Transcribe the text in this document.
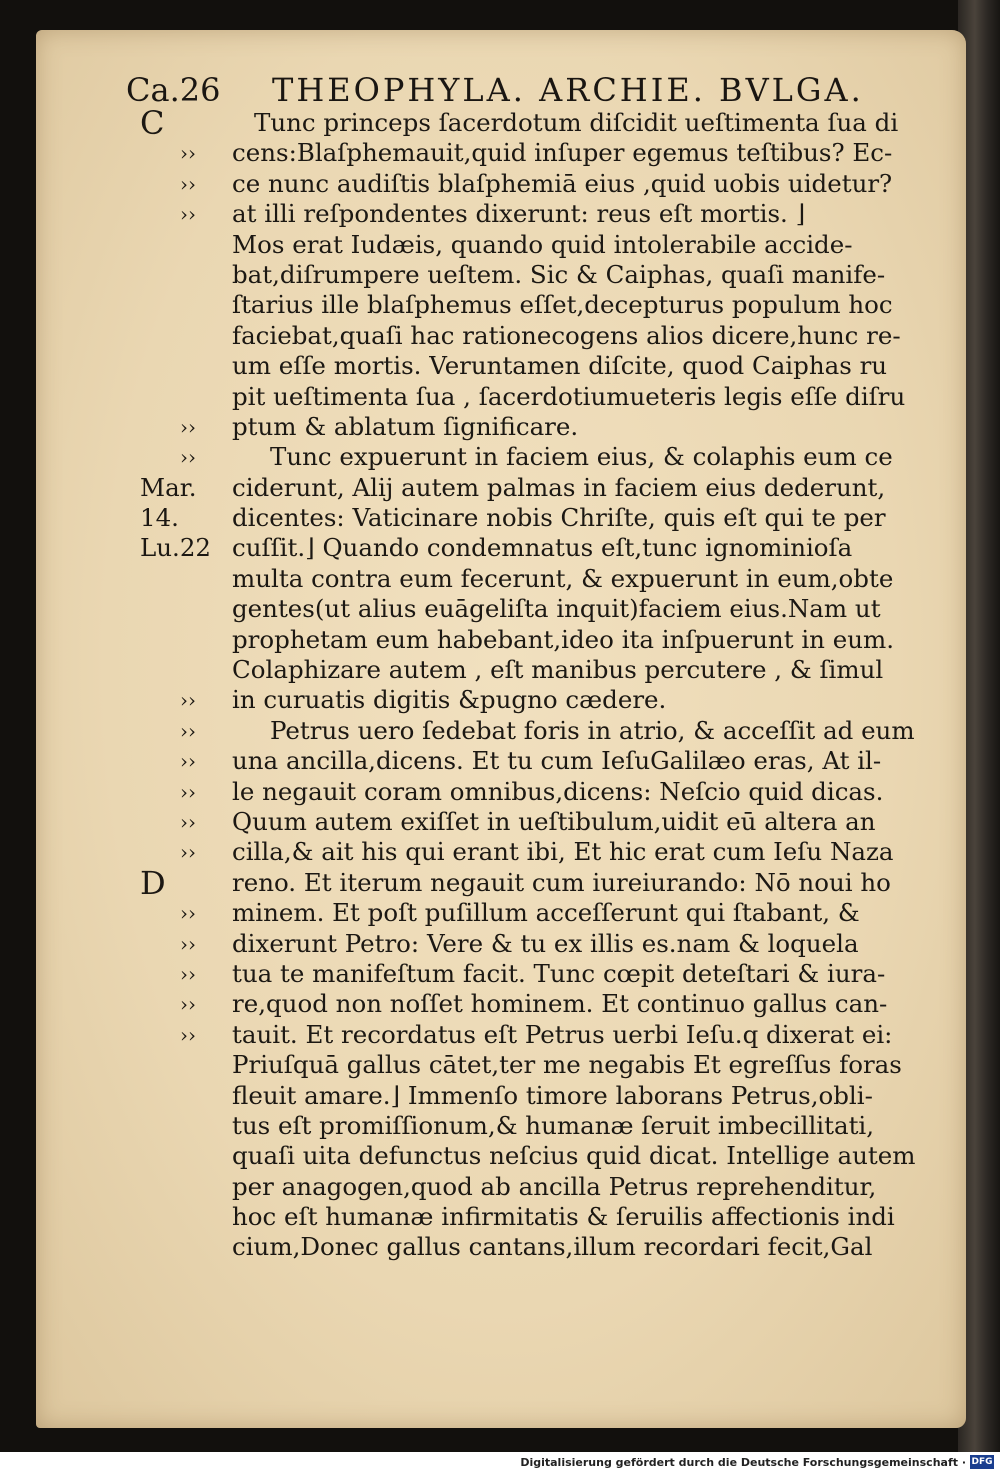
Ca.26 THEOPHYLA. ARCHIE. BVLGA.
C
››
››
››
››
››
Mar.
14.
Lu.22
››
››
››
››
››
››
D
››
››
››
››
››
Tunc princeps ſacerdotum diſcidit ueſtimenta ſua di
cens:Blaſphemauit,quid inſuper egemus teſtibus? Ec-
ce nunc audiſtis blaſphemiā eius ,quid uobis uidetur?
at illi reſpondentes dixerunt: reus eſt mortis. ⌋
Mos erat Iudæis, quando quid intolerabile accide-
bat,diſrumpere ueſtem. Sic & Caiphas, quaſi manife-
ſtarius ille blaſphemus eſſet,decepturus populum hoc
faciebat,quaſi hac rationecogens alios dicere,hunc re-
um eſſe mortis. Veruntamen diſcite, quod Caiphas ru
pit ueſtimenta ſua , ſacerdotiumueteris legis eſſe diſru
ptum & ablatum ſignificare.
Tunc expuerunt in faciem eius, & colaphis eum ce
ciderunt, Alij autem palmas in faciem eius dederunt,
dicentes: Vaticinare nobis Chriſte, quis eſt qui te per
cuſſit.⌋ Quando condemnatus eſt,tunc ignominioſa
multa contra eum fecerunt, & expuerunt in eum,obte
gentes(ut alius euāgeliſta inquit)faciem eius.Nam ut
prophetam eum habebant,ideo ita inſpuerunt in eum.
Colaphizare autem , eſt manibus percutere , & ſimul
in curuatis digitis &pugno cædere.
Petrus uero ſedebat foris in atrio, & acceſſit ad eum
una ancilla,dicens. Et tu cum IeſuGalilæo eras, At il-
le negauit coram omnibus,dicens: Neſcio quid dicas.
Quum autem exiſſet in ueſtibulum,uidit eū altera an
cilla,& ait his qui erant ibi, Et hic erat cum Ieſu Naza
reno. Et iterum negauit cum iureiurando: Nō noui ho
minem. Et poſt puſillum acceſſerunt qui ſtabant, &
dixerunt Petro: Vere & tu ex illis es.nam & loquela
tua te manifeſtum facit. Tunc cœpit deteſtari & iura-
re,quod non noſſet hominem. Et continuo gallus can-
tauit. Et recordatus eſt Petrus uerbi Ieſu.q dixerat ei:
Priuſquā gallus cātet,ter me negabis Et egreſſus foras
fleuit amare.⌋ Immenſo timore laborans Petrus,obli-
tus eſt promiſſionum,& humanæ ſeruit imbecillitati,
quaſi uita defunctus neſcius quid dicat. Intellige autem
per anagogen,quod ab ancilla Petrus reprehenditur,
hoc eſt humanæ infirmitatis & ſeruilis affectionis indi
cium,Donec gallus cantans,illum recordari fecit,Gal
Digitalisierung gefördert durch die Deutsche Forschungsgemeinschaft · DFG
